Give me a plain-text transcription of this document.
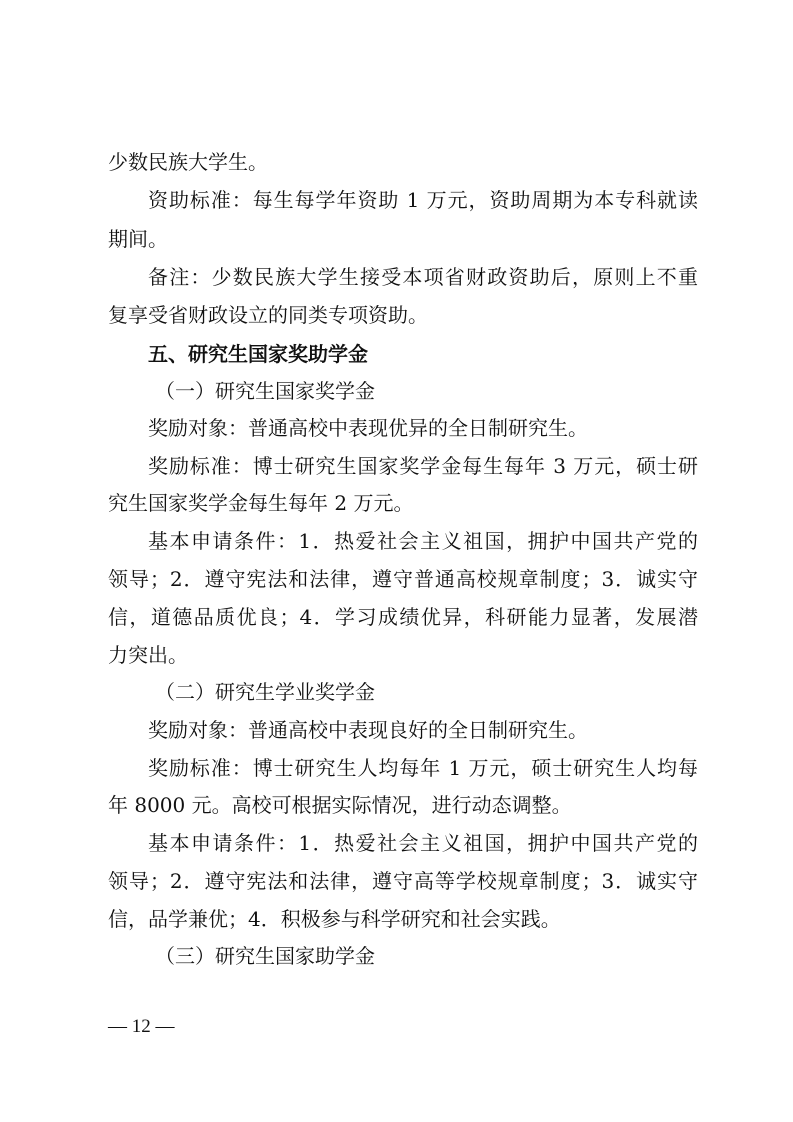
少数民族大学生。

资助标准：每生每学年资助 1 万元，资助周期为本专科就读

期间。

备注：少数民族大学生接受本项省财政资助后，原则上不重

复享受省财政设立的同类专项资助。

五、研究生国家奖助学金

（一）研究生国家奖学金

奖励对象：普通高校中表现优异的全日制研究生。

奖励标准：博士研究生国家奖学金每生每年 3 万元，硕士研

究生国家奖学金每生每年 2 万元。

基本申请条件：1．热爱社会主义祖国，拥护中国共产党的

领导；2．遵守宪法和法律，遵守普通高校规章制度；3．诚实守

信，道德品质优良；4．学习成绩优异，科研能力显著，发展潜

力突出。

（二）研究生学业奖学金

奖励对象：普通高校中表现良好的全日制研究生。

奖励标准：博士研究生人均每年 1 万元，硕士研究生人均每

年 8000 元。高校可根据实际情况，进行动态调整。

基本申请条件：1．热爱社会主义祖国，拥护中国共产党的

领导；2．遵守宪法和法律，遵守高等学校规章制度；3．诚实守

信，品学兼优；4．积极参与科学研究和社会实践。

（三）研究生国家助学金

— 12 —
